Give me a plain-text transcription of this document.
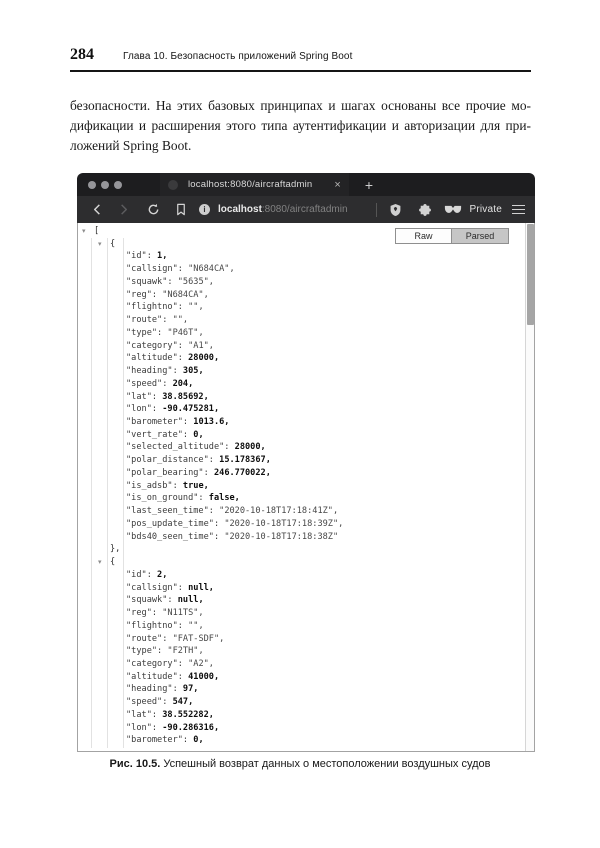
284	Глава 10. Безопасность приложений Spring Boot
безопасности. На этих базовых принципах и шагах основаны все прочие мо-
дификации и расширения этого типа аутентификации и авторизации для при-
ложений Spring Boot.
localhost:8080/aircraftadmin × +
i	localhost :8080/aircraftadmin	Private
Raw	Parsed
▾ [
▾ {
"id": 1,
"callsign": "N684CA",
"squawk": "5635",
"reg": "N684CA",
"flightno": "",
"route": "",
"type": "P46T",
"category": "A1",
"altitude": 28000,
"heading": 305,
"speed": 204,
"lat": 38.85692,
"lon": -90.475281,
"barometer": 1013.6,
"vert_rate": 0,
"selected_altitude": 28000,
"polar_distance": 15.178367,
"polar_bearing": 246.770022,
"is_adsb": true,
"is_on_ground": false,
"last_seen_time": "2020-10-18T17:18:41Z",
"pos_update_time": "2020-10-18T17:18:39Z",
"bds40_seen_time": "2020-10-18T17:18:38Z"
},
▾ {
"id": 2,
"callsign": null,
"squawk": null,
"reg": "N11TS",
"flightno": "",
"route": "FAT-SDF",
"type": "F2TH",
"category": "A2",
"altitude": 41000,
"heading": 97,
"speed": 547,
"lat": 38.552282,
"lon": -90.286316,
"barometer": 0,
Рис. 10.5. Успешный возврат данных о местоположении воздушных судов
